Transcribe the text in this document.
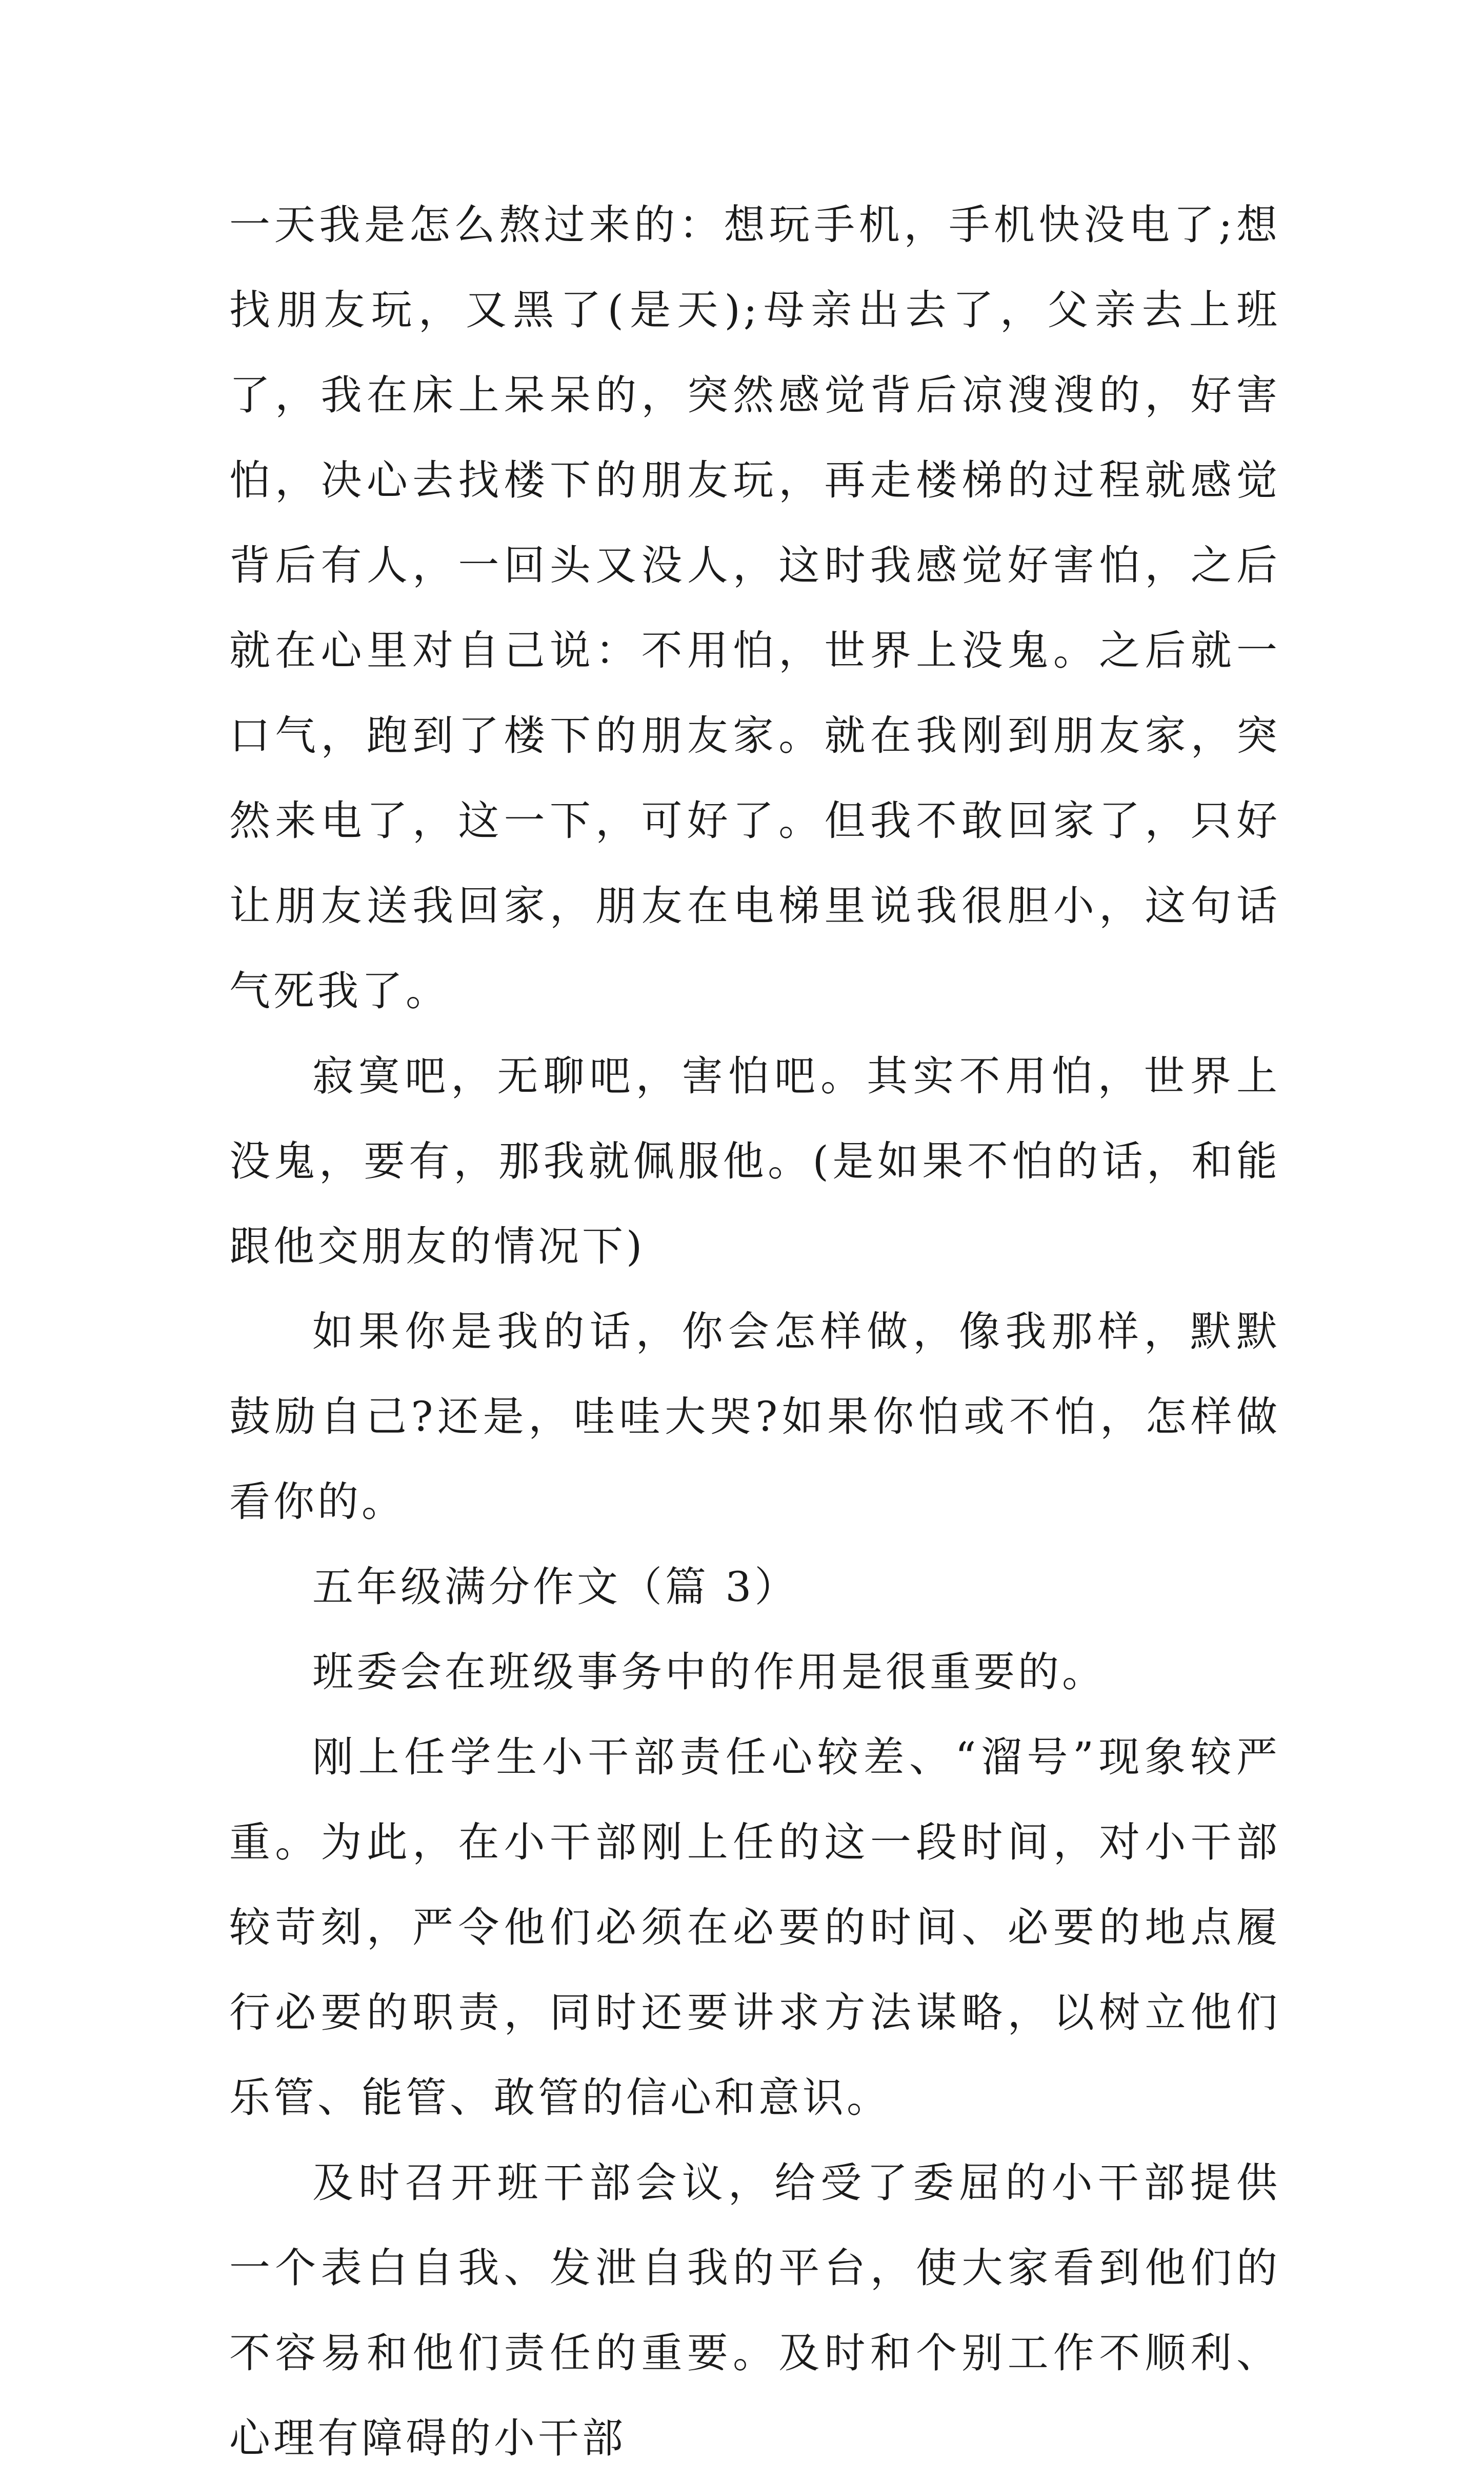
一天我是怎么熬过来的：想玩手机，手机快没电了;想找朋友玩，又黑了(是天);母亲出去了，父亲去上班了，我在床上呆呆的，突然感觉背后凉溲溲的，好害怕，决心去找楼下的朋友玩，再走楼梯的过程就感觉背后有人，一回头又没人，这时我感觉好害怕，之后就在心里对自己说：不用怕，世界上没鬼。之后就一口气，跑到了楼下的朋友家。就在我刚到朋友家，突然来电了，这一下，可好了。但我不敢回家了，只好让朋友送我回家，朋友在电梯里说我很胆小，这句话气死我了。

寂寞吧，无聊吧，害怕吧。其实不用怕，世界上没鬼，要有，那我就佩服他。(是如果不怕的话，和能跟他交朋友的情况下)

如果你是我的话，你会怎样做，像我那样，默默鼓励自己?还是，哇哇大哭?如果你怕或不怕，怎样做看你的。

五年级满分作文（篇 3）

班委会在班级事务中的作用是很重要的。

刚上任学生小干部责任心较差、“溜号”现象较严重。为此，在小干部刚上任的这一段时间，对小干部较苛刻，严令他们必须在必要的时间、必要的地点履行必要的职责，同时还要讲求方法谋略，以树立他们乐管、能管、敢管的信心和意识。

及时召开班干部会议，给受了委屈的小干部提供一个表白自我、发泄自我的平台，使大家看到他们的不容易和他们责任的重要。及时和个别工作不顺利、心理有障碍的小干部
